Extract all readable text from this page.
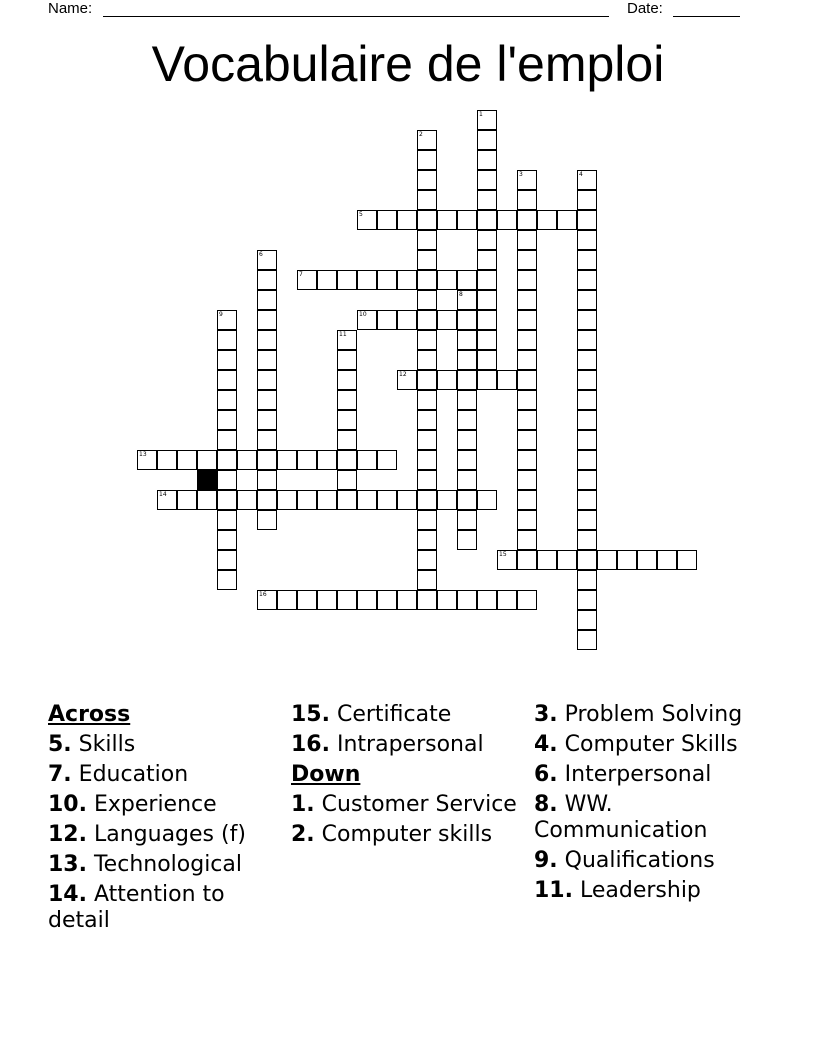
Name:	Date:
Vocabulaire de l'emploi
1
2
3	4
5
6
7
8
9	10
11
12
13
14
15
16
Across
5. Skills
7. Education
10. Experience
12. Languages (f)
13. Technological
14. Attention to detail
15. Certificate
16. Intrapersonal
Down
1. Customer Service
2. Computer skills
3. Problem Solving
4. Computer Skills
6. Interpersonal
8. WW. Communication
9. Qualifications
11. Leadership
